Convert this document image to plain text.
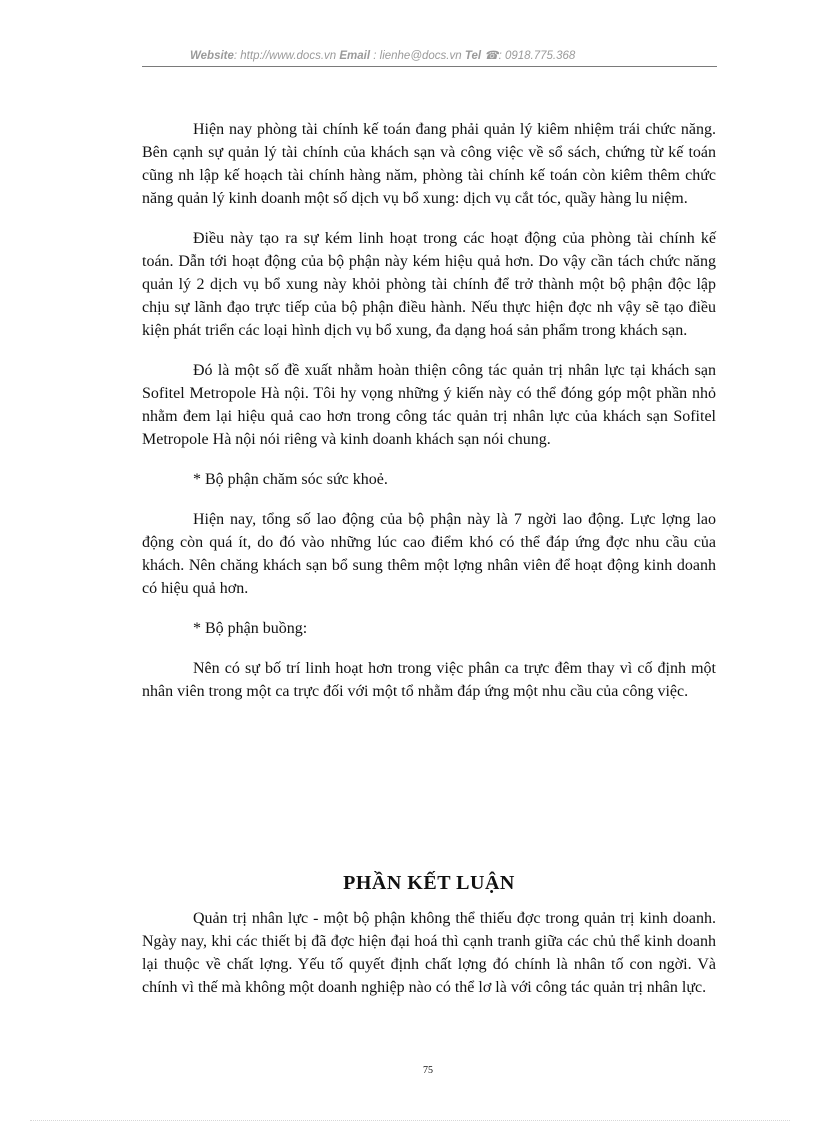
Website: http://www.docs.vn Email : lienhe@docs.vn Tel ☎: 0918.775.368

Hiện nay phòng tài chính kế toán đang phải quản lý kiêm nhiệm trái chức năng. Bên cạnh sự quản lý tài chính của khách sạn và công việc về sổ sách, chứng từ kế toán cũng nh lập kế hoạch tài chính hàng năm, phòng tài chính kế toán còn kiêm thêm chức năng quản lý kinh doanh một số dịch vụ bổ xung: dịch vụ cắt tóc, quầy hàng lu niệm.

Điều này tạo ra sự kém linh hoạt trong các hoạt động của phòng tài chính kế toán. Dẫn tới hoạt động của bộ phận này kém hiệu quả hơn. Do vậy cần tách chức năng quản lý 2 dịch vụ bổ xung này khỏi phòng tài chính để trở thành một bộ phận độc lập chịu sự lãnh đạo trực tiếp của bộ phận điều hành. Nếu thực hiện đợc nh vậy sẽ tạo điều kiện phát triển các loại hình dịch vụ bổ xung, đa dạng hoá sản phẩm trong khách sạn.

Đó là một số đề xuất nhằm hoàn thiện công tác quản trị nhân lực tại khách sạn Sofitel Metropole Hà nội. Tôi hy vọng những ý kiến này có thể đóng góp một phần nhỏ nhằm đem lại hiệu quả cao hơn trong công tác quản trị nhân lực của khách sạn Sofitel Metropole Hà nội nói riêng và kinh doanh khách sạn nói chung.

* Bộ phận chăm sóc sức khoẻ.

Hiện nay, tổng số lao động của bộ phận này là 7 ngời lao động. Lực lợng lao động còn quá ít, do đó vào những lúc cao điểm khó có thể đáp ứng đợc nhu cầu của khách. Nên chăng khách sạn bổ sung thêm một lợng nhân viên để hoạt động kinh doanh có hiệu quả hơn.

* Bộ phận buồng:

Nên có sự bố trí linh hoạt hơn trong việc phân ca trực đêm thay vì cố định một nhân viên trong một ca trực đối với một tổ nhằm đáp ứng một nhu cầu của công việc.

PHẦN KẾT LUẬN

Quản trị nhân lực - một bộ phận không thể thiếu đợc trong quản trị kinh doanh. Ngày nay, khi các thiết bị đã đợc hiện đại hoá thì cạnh tranh giữa các chủ thể kinh doanh lại thuộc về chất lợng. Yếu tố quyết định chất lợng đó chính là nhân tố con ngời. Và chính vì thế mà không một doanh nghiệp nào có thể lơ là với công tác quản trị nhân lực.

75
